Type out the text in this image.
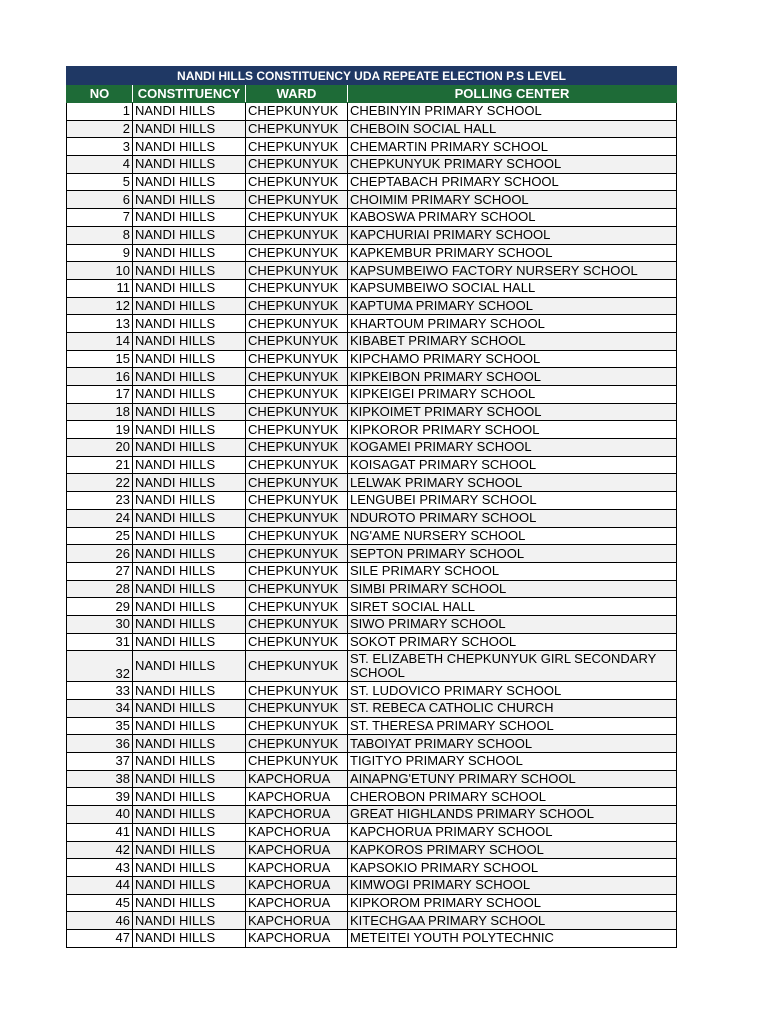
NANDI HILLS CONSTITUENCY UDA REPEATE ELECTION P.S LEVEL			
NO	CONSTITUENCY	WARD	POLLING CENTER
1	NANDI HILLS	CHEPKUNYUK	CHEBINYIN PRIMARY SCHOOL
2	NANDI HILLS	CHEPKUNYUK	CHEBOIN SOCIAL HALL
3	NANDI HILLS	CHEPKUNYUK	CHEMARTIN PRIMARY SCHOOL
4	NANDI HILLS	CHEPKUNYUK	CHEPKUNYUK PRIMARY SCHOOL
5	NANDI HILLS	CHEPKUNYUK	CHEPTABACH PRIMARY SCHOOL
6	NANDI HILLS	CHEPKUNYUK	CHOIMIM PRIMARY SCHOOL
7	NANDI HILLS	CHEPKUNYUK	KABOSWA PRIMARY SCHOOL
8	NANDI HILLS	CHEPKUNYUK	KAPCHURIAI PRIMARY SCHOOL
9	NANDI HILLS	CHEPKUNYUK	KAPKEMBUR PRIMARY SCHOOL
10	NANDI HILLS	CHEPKUNYUK	KAPSUMBEIWO FACTORY NURSERY SCHOOL
11	NANDI HILLS	CHEPKUNYUK	KAPSUMBEIWO SOCIAL HALL
12	NANDI HILLS	CHEPKUNYUK	KAPTUMA PRIMARY SCHOOL
13	NANDI HILLS	CHEPKUNYUK	KHARTOUM PRIMARY SCHOOL
14	NANDI HILLS	CHEPKUNYUK	KIBABET PRIMARY SCHOOL
15	NANDI HILLS	CHEPKUNYUK	KIPCHAMO PRIMARY SCHOOL
16	NANDI HILLS	CHEPKUNYUK	KIPKEIBON PRIMARY SCHOOL
17	NANDI HILLS	CHEPKUNYUK	KIPKEIGEI PRIMARY SCHOOL
18	NANDI HILLS	CHEPKUNYUK	KIPKOIMET PRIMARY SCHOOL
19	NANDI HILLS	CHEPKUNYUK	KIPKOROR PRIMARY SCHOOL
20	NANDI HILLS	CHEPKUNYUK	KOGAMEI PRIMARY SCHOOL
21	NANDI HILLS	CHEPKUNYUK	KOISAGAT PRIMARY SCHOOL
22	NANDI HILLS	CHEPKUNYUK	LELWAK PRIMARY SCHOOL
23	NANDI HILLS	CHEPKUNYUK	LENGUBEI PRIMARY SCHOOL
24	NANDI HILLS	CHEPKUNYUK	NDUROTO PRIMARY SCHOOL
25	NANDI HILLS	CHEPKUNYUK	NG'AME NURSERY SCHOOL
26	NANDI HILLS	CHEPKUNYUK	SEPTON PRIMARY SCHOOL
27	NANDI HILLS	CHEPKUNYUK	SILE PRIMARY SCHOOL
28	NANDI HILLS	CHEPKUNYUK	SIMBI PRIMARY SCHOOL
29	NANDI HILLS	CHEPKUNYUK	SIRET SOCIAL HALL
30	NANDI HILLS	CHEPKUNYUK	SIWO PRIMARY SCHOOL
31	NANDI HILLS	CHEPKUNYUK	SOKOT PRIMARY SCHOOL
32	NANDI HILLS	CHEPKUNYUK	ST. ELIZABETH CHEPKUNYUK GIRL SECONDARY SCHOOL
33	NANDI HILLS	CHEPKUNYUK	ST. LUDOVICO PRIMARY SCHOOL
34	NANDI HILLS	CHEPKUNYUK	ST. REBECA CATHOLIC CHURCH
35	NANDI HILLS	CHEPKUNYUK	ST. THERESA PRIMARY SCHOOL
36	NANDI HILLS	CHEPKUNYUK	TABOIYAT PRIMARY SCHOOL
37	NANDI HILLS	CHEPKUNYUK	TIGITYO PRIMARY SCHOOL
38	NANDI HILLS	KAPCHORUA	AINAPNG'ETUNY PRIMARY SCHOOL
39	NANDI HILLS	KAPCHORUA	CHEROBON PRIMARY SCHOOL
40	NANDI HILLS	KAPCHORUA	GREAT HIGHLANDS PRIMARY SCHOOL
41	NANDI HILLS	KAPCHORUA	KAPCHORUA PRIMARY SCHOOL
42	NANDI HILLS	KAPCHORUA	KAPKOROS PRIMARY SCHOOL
43	NANDI HILLS	KAPCHORUA	KAPSOKIO PRIMARY SCHOOL
44	NANDI HILLS	KAPCHORUA	KIMWOGI PRIMARY SCHOOL
45	NANDI HILLS	KAPCHORUA	KIPKOROM PRIMARY SCHOOL
46	NANDI HILLS	KAPCHORUA	KITECHGAA PRIMARY SCHOOL
47	NANDI HILLS	KAPCHORUA	METEITEI YOUTH POLYTECHNIC
